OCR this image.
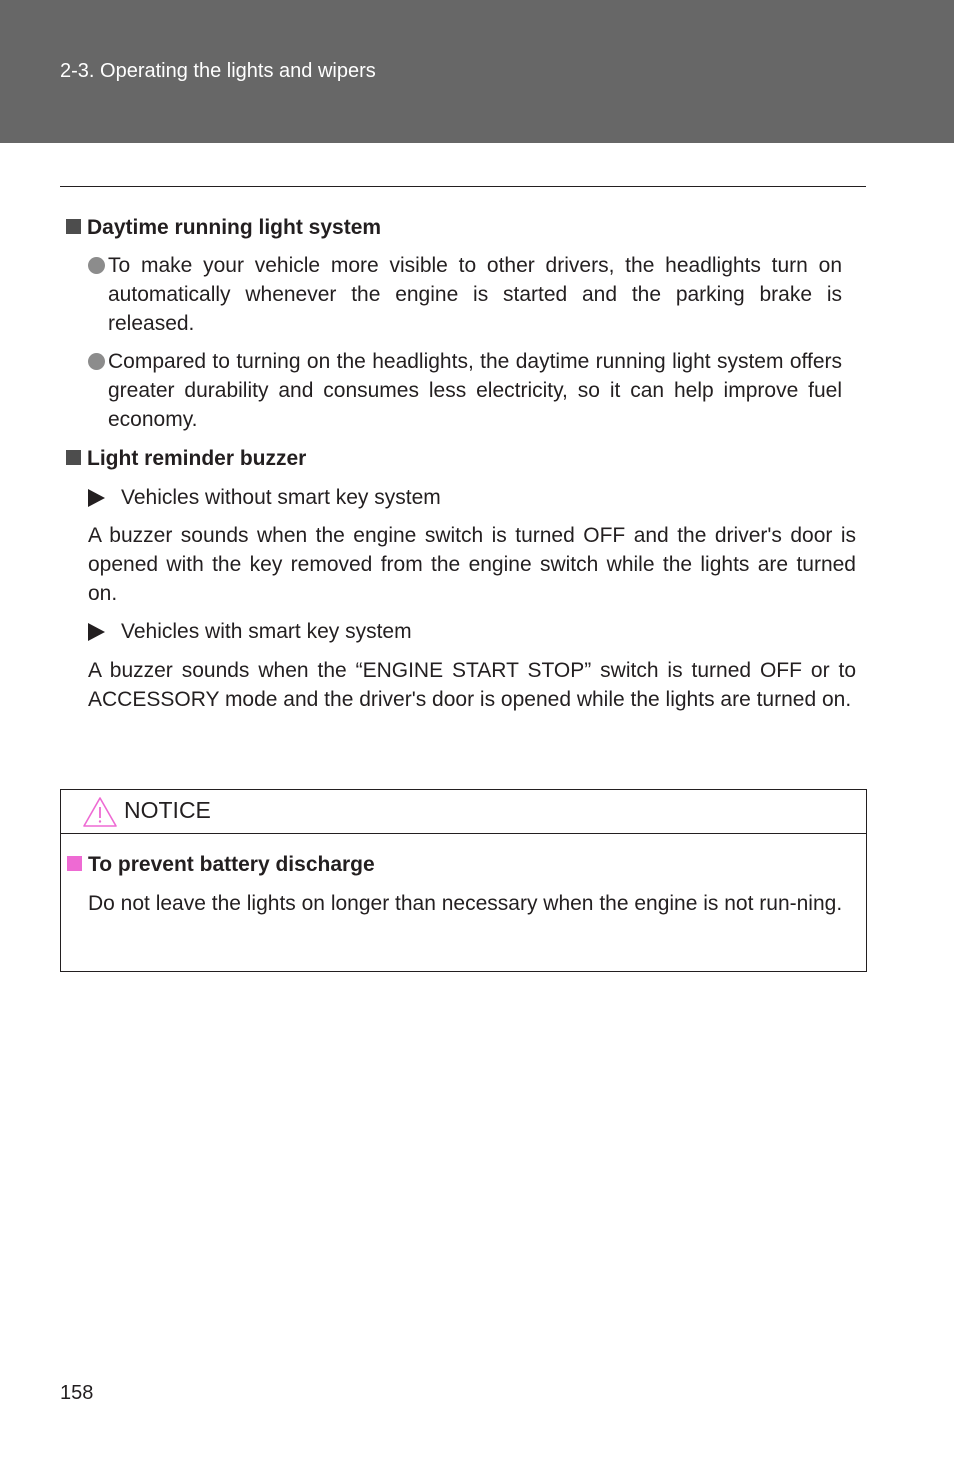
2-3. Operating the lights and wipers
Daytime running light system
To make your vehicle more visible to other drivers, the headlights turn on automatically whenever the engine is started and the parking brake is released.
Compared to turning on the headlights, the daytime running light system offers greater durability and consumes less electricity, so it can help improve fuel economy.
Light reminder buzzer
Vehicles without smart key system
A buzzer sounds when the engine switch is turned OFF and the driver's door is opened with the key removed from the engine switch while the lights are turned on.
Vehicles with smart key system
A buzzer sounds when the “ENGINE START STOP” switch is turned OFF or to ACCESSORY mode and the driver's door is opened while the lights are turned on.
NOTICE
To prevent battery discharge
Do not leave the lights on longer than necessary when the engine is not run-ning.
158
